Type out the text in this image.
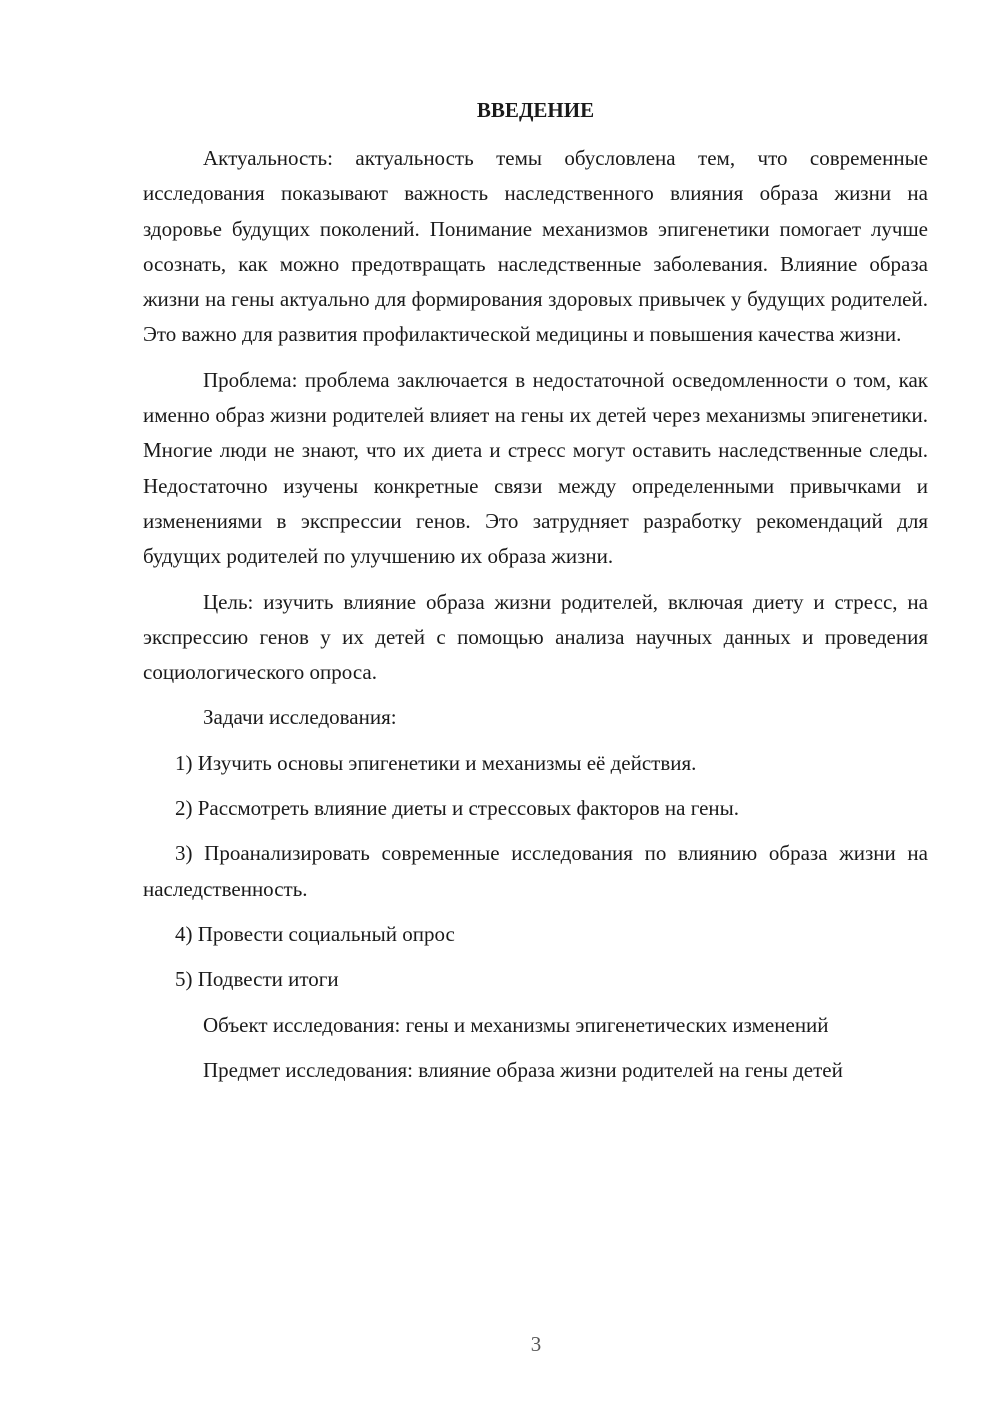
ВВЕДЕНИЕ

Актуальность: актуальность темы обусловлена тем, что современные исследования показывают важность наследственного влияния образа жизни на здоровье будущих поколений. Понимание механизмов эпигенетики помогает лучше осознать, как можно предотвращать наследственные заболевания. Влияние образа жизни на гены актуально для формирования здоровых привычек у будущих родителей. Это важно для развития профилактической медицины и повышения качества жизни.

Проблема: проблема заключается в недостаточной осведомленности о том, как именно образ жизни родителей влияет на гены их детей через механизмы эпигенетики. Многие люди не знают, что их диета и стресс могут оставить наследственные следы. Недостаточно изучены конкретные связи между определенными привычками и изменениями в экспрессии генов. Это затрудняет разработку рекомендаций для будущих родителей по улучшению их образа жизни.

Цель: изучить влияние образа жизни родителей, включая диету и стресс, на экспрессию генов у их детей с помощью анализа научных данных и проведения социологического опроса.

Задачи исследования:

1) Изучить основы эпигенетики и механизмы её действия.

2) Рассмотреть влияние диеты и стрессовых факторов на гены.

3) Проанализировать современные исследования по влиянию образа жизни на наследственность.

4) Провести социальный опрос

5) Подвести итоги

Объект исследования: гены и механизмы эпигенетических изменений

Предмет исследования: влияние образа жизни родителей на гены детей

3
